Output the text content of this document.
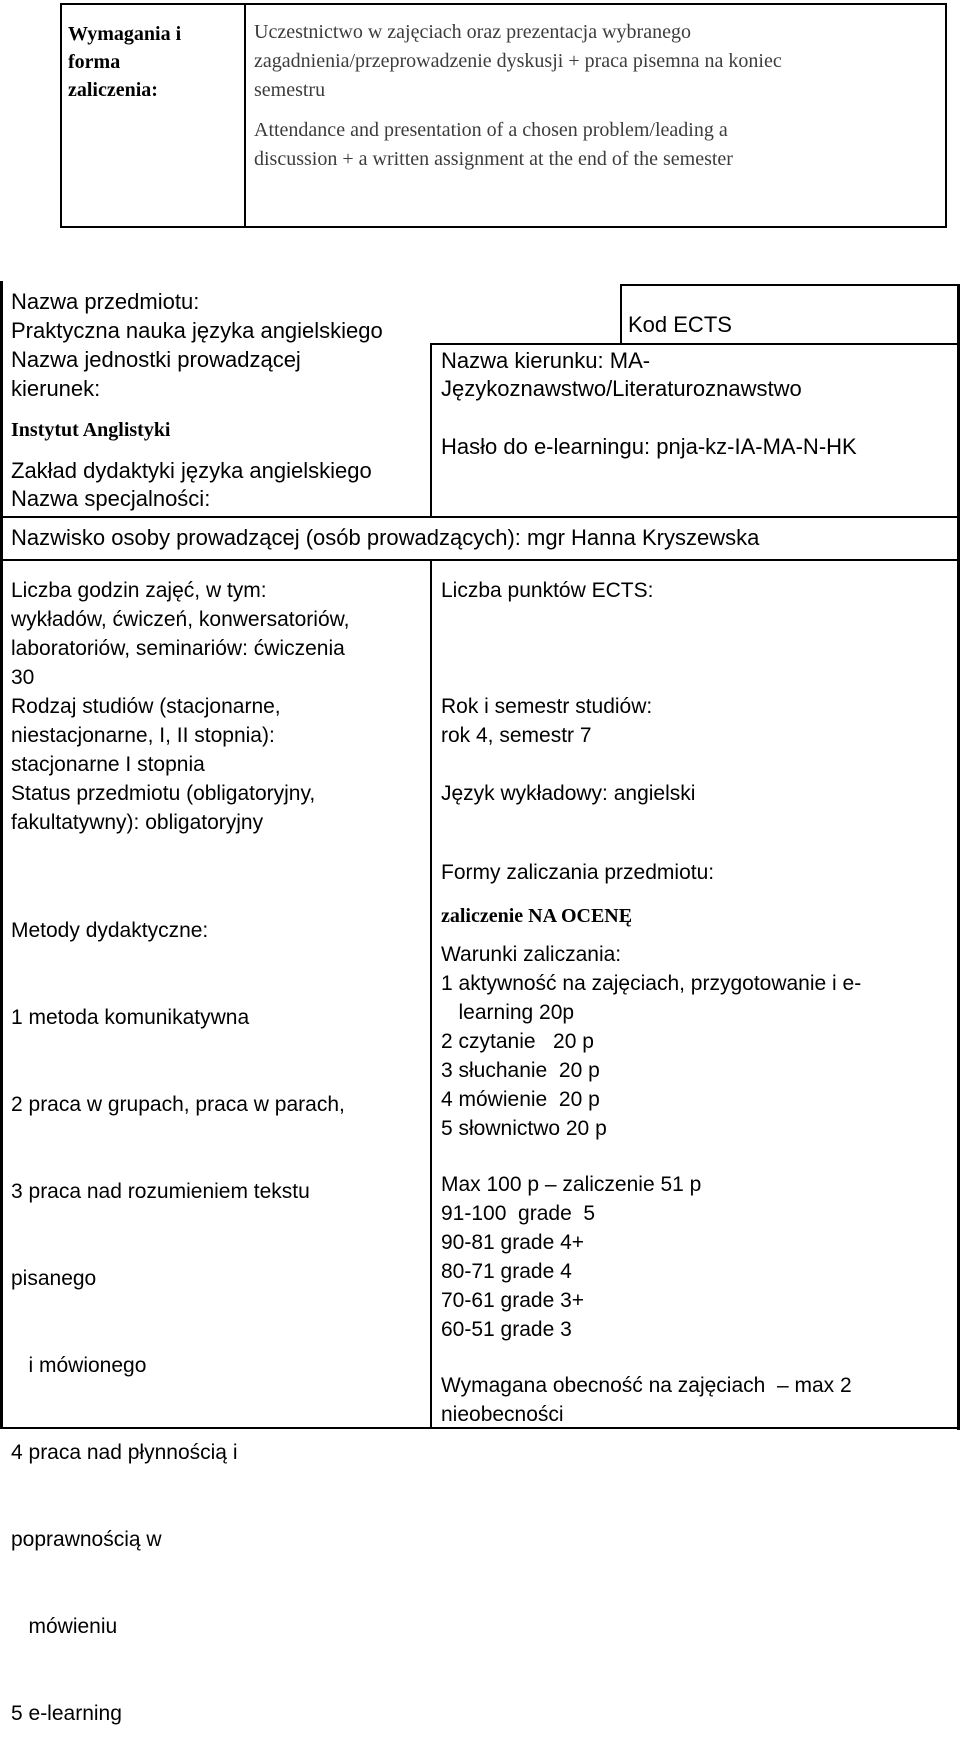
Wymagania i
forma
zaliczenia:
Uczestnictwo w zajęciach oraz prezentacja wybranego
zagadnienia/przeprowadzenie dyskusji + praca pisemna na koniec
semestru
Attendance and presentation of a chosen problem/leading a
discussion + a written assignment at the end of the semester
Nazwa przedmiotu:
Praktyczna nauka języka angielskiego	Kod ECTS
Nazwa jednostki prowadzącej
kierunek:
Nazwa kierunku: MA-
Językoznawstwo/Literaturoznawstwo
Instytut Anglistyki
Hasło do e-learningu: pnja-kz-IA-MA-N-HK
Zakład dydaktyki języka angielskiego
Nazwa specjalności:
Nazwisko osoby prowadzącej (osób prowadzących): mgr Hanna Kryszewska
Liczba godzin zajęć, w tym:
wykładów, ćwiczeń, konwersatoriów,
laboratoriów, seminariów: ćwiczenia
30
Rodzaj studiów (stacjonarne,
niestacjonarne, I, II stopnia):
stacjonarne I stopnia
Status przedmiotu (obligatoryjny,
fakultatywny): obligatoryjny

Metody dydaktyczne:

1 metoda komunikatywna

2 praca w grupach, praca w parach,

3 praca nad rozumieniem tekstu

pisanego

i mówionego

4 praca nad płynnością i

poprawnością w

mówieniu

5 e-learning

Liczba punktów ECTS:
Rok i semestr studiów:
rok 4, semestr 7
Język wykładowy: angielski
Formy zaliczania przedmiotu:
zaliczenie NA OCENĘ
Warunki zaliczania:
1 aktywność na zajęciach, przygotowanie i e-
learning 20p
2 czytanie   20 p
3 słuchanie  20 p
4 mówienie  20 p
5 słownictwo 20 p
Max 100 p – zaliczenie 51 p
91-100  grade  5
90-81 grade 4+
80-71 grade 4
70-61 grade 3+
60-51 grade 3
Wymagana obecność na zajęciach  – max 2
nieobecności
